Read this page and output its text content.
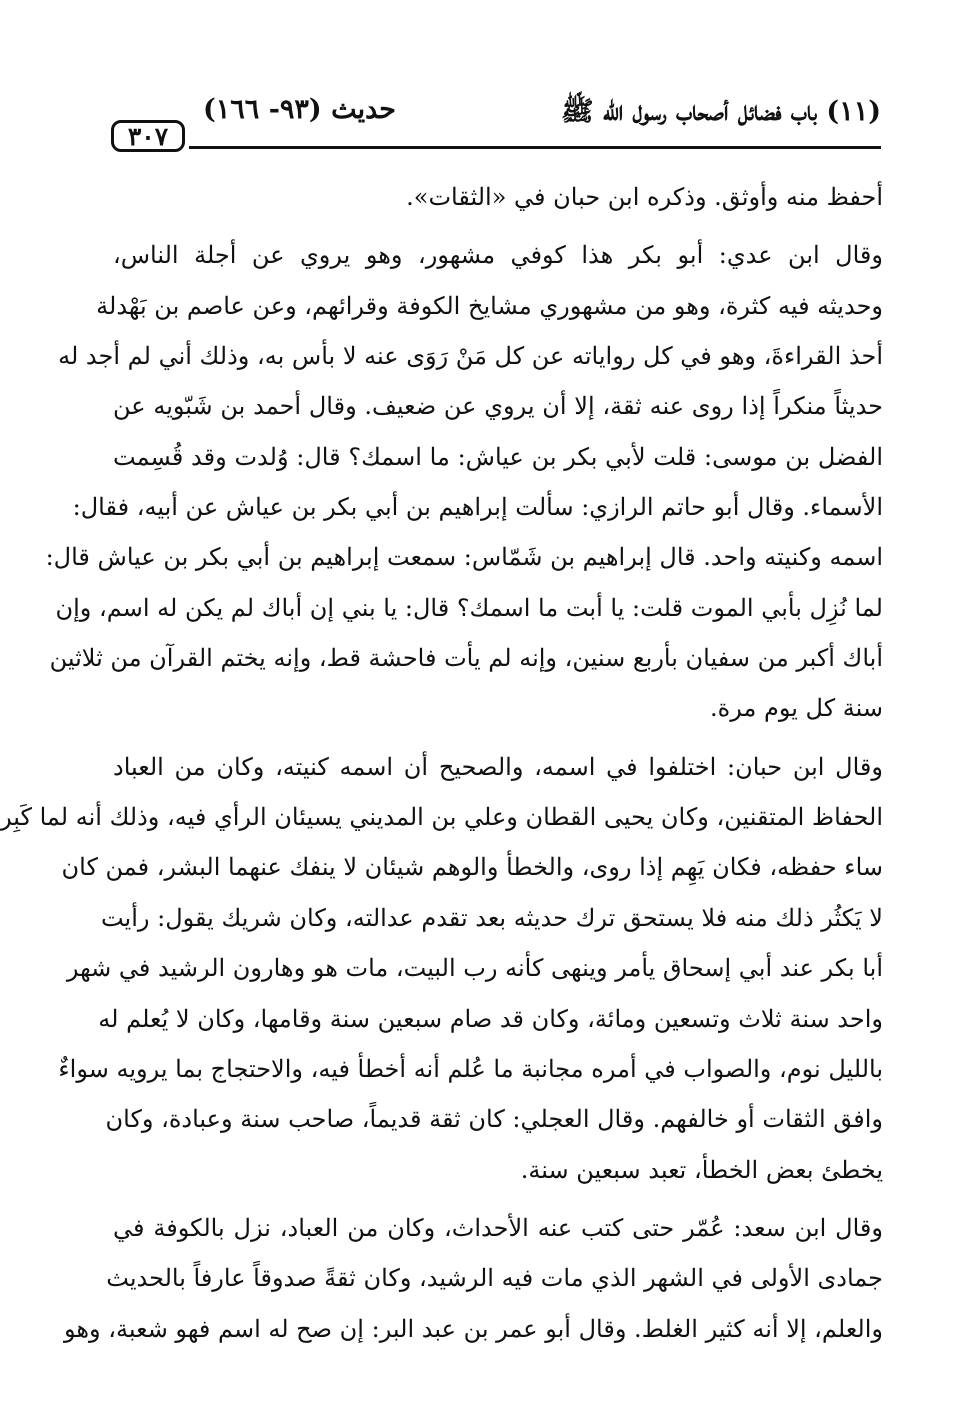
(١١) باب فضائل أصحاب رسول الله ﷺ
حديث (٩٣- ١٦٦)
٣٠٧
أحفظ منه وأوثق. وذكره ابن حبان في «الثقات».
وقال ابن عدي: أبو بكر هذا كوفي مشهور، وهو يروي عن أجلة الناس،
وحديثه فيه كثرة، وهو من مشهوري مشايخ الكوفة وقرائهم، وعن عاصم بن بَهْدلة
أحذ القراءةَ، وهو في كل رواياته عن كل مَنْ رَوَى عنه لا بأس به، وذلك أني لم أجد له
حديثاً منكراً إذا روى عنه ثقة، إلا أن يروي عن ضعيف. وقال أحمد بن شَبّويه عن
الفضل بن موسى: قلت لأبي بكر بن عياش: ما اسمك؟ قال: وُلدت وقد قُسِمت
الأسماء. وقال أبو حاتم الرازي: سألت إبراهيم بن أبي بكر بن عياش عن أبيه، فقال:
اسمه وكنيته واحد. قال إبراهيم بن شَمّاس: سمعت إبراهيم بن أبي بكر بن عياش قال:
لما نُزِل بأبي الموت قلت: يا أبت ما اسمك؟ قال: يا بني إن أباك لم يكن له اسم، وإن
أباك أكبر من سفيان بأربع سنين، وإنه لم يأت فاحشة قط، وإنه يختم القرآن من ثلاثين
سنة كل يوم مرة.
وقال ابن حبان: اختلفوا في اسمه، والصحيح أن اسمه كنيته، وكان من العباد
الحفاظ المتقنين، وكان يحيى القطان وعلي بن المديني يسيئان الرأي فيه، وذلك أنه لما كَبِر
ساء حفظه، فكان يَهِم إذا روى، والخطأ والوهم شيئان لا ينفك عنهما البشر، فمن كان
لا يَكثُر ذلك منه فلا يستحق ترك حديثه بعد تقدم عدالته، وكان شريك يقول: رأيت
أبا بكر عند أبي إسحاق يأمر وينهى كأنه رب البيت، مات هو وهارون الرشيد في شهر
واحد سنة ثلاث وتسعين ومائة، وكان قد صام سبعين سنة وقامها، وكان لا يُعلم له
بالليل نوم، والصواب في أمره مجانبة ما عُلم أنه أخطأ فيه، والاحتجاج بما يرويه سواءٌ
وافق الثقات أو خالفهم. وقال العجلي: كان ثقة قديماً، صاحب سنة وعبادة، وكان
يخطئ بعض الخطأ، تعبد سبعين سنة.
وقال ابن سعد: عُمّر حتى كتب عنه الأحداث، وكان من العباد، نزل بالكوفة في
جمادى الأولى في الشهر الذي مات فيه الرشيد، وكان ثقةً صدوقاً عارفاً بالحديث
والعلم، إلا أنه كثير الغلط. وقال أبو عمر بن عبد البر: إن صح له اسم فهو شعبة، وهو
